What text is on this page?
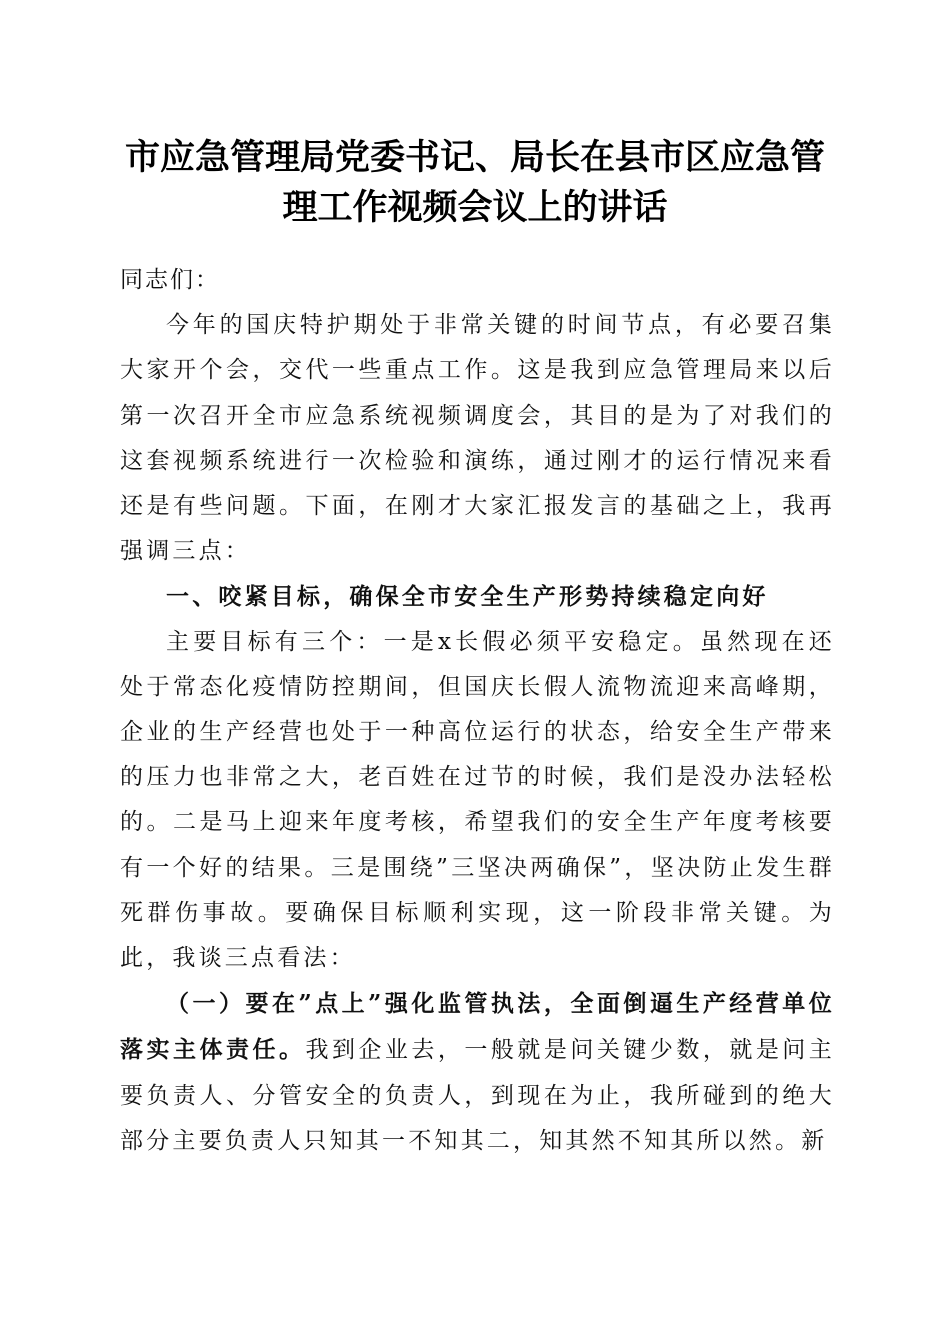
市应急管理局党委书记、局长在县市区应急管
理工作视频会议上的讲话

同志们：

今年的国庆特护期处于非常关键的时间节点，有必要召集大家开个会，交代一些重点工作。这是我到应急管理局来以后第一次召开全市应急系统视频调度会，其目的是为了对我们的这套视频系统进行一次检验和演练，通过刚才的运行情况来看还是有些问题。下面，在刚才大家汇报发言的基础之上，我再强调三点：

一、咬紧目标，确保全市安全生产形势持续稳定向好

主要目标有三个：一是x长假必须平安稳定。虽然现在还处于常态化疫情防控期间，但国庆长假人流物流迎来高峰期，企业的生产经营也处于一种高位运行的状态，给安全生产带来的压力也非常之大，老百姓在过节的时候，我们是没办法轻松的。二是马上迎来年度考核，希望我们的安全生产年度考核要有一个好的结果。三是围绕”三坚决两确保”，坚决防止发生群死群伤事故。要确保目标顺利实现，这一阶段非常关键。为此，我谈三点看法：

（一）要在”点上”强化监管执法，全面倒逼生产经营单位落实主体责任。我到企业去，一般就是问关键少数，就是问主要负责人、分管安全的负责人，到现在为止，我所碰到的绝大部分主要负责人只知其一不知其二，知其然不知其所以然。新
